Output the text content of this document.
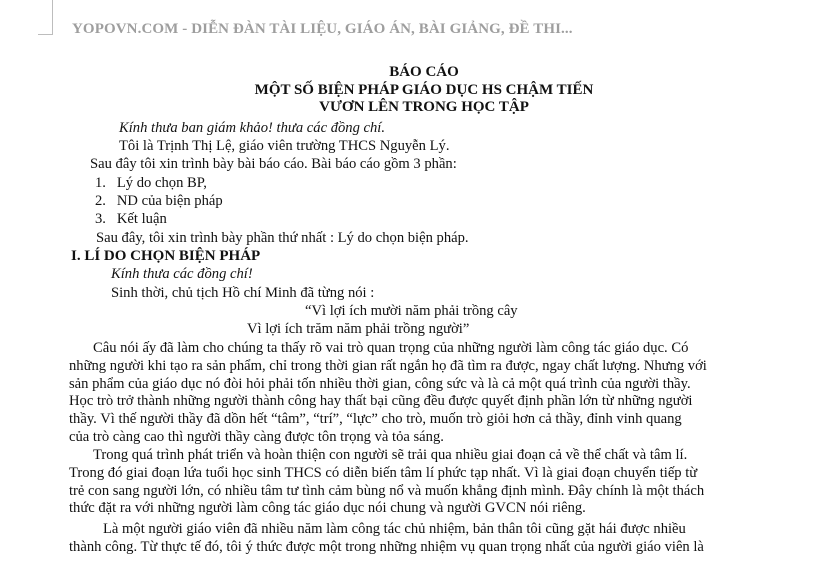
YOPOVN.COM - DIỄN ĐÀN TÀI LIỆU, GIÁO ÁN, BÀI GIẢNG, ĐỀ THI...
BÁO CÁO
MỘT SỐ BIỆN PHÁP GIÁO DỤC HS CHẬM TIẾN
VƯƠN LÊN TRONG HỌC TẬP
Kính thưa ban giám khảo! thưa các đồng chí.
Tôi là Trịnh Thị Lệ, giáo viên trường THCS Nguyễn Lý.
Sau đây tôi xin trình bày bài báo cáo. Bài báo cáo gồm 3 phần:
1.   Lý do chọn BP,
2.   ND của biện pháp
3.   Kết luận
Sau đây, tôi xin trình bày phần thứ nhất : Lý do chọn biện pháp.
I. LÍ DO CHỌN BIỆN PHÁP
Kính thưa các đồng chí!
Sinh thời, chủ tịch Hồ chí Minh đã từng nói :
“Vì lợi ích mười năm phải trồng cây
Vì lợi ích trăm năm phải trồng người”
Câu nói ấy đã làm cho chúng ta thấy rõ vai trò quan trọng của những người làm công tác giáo dục. Có
những người khi tạo ra sản phẩm, chỉ trong thời gian rất ngắn họ đã tìm ra được, ngay chất lượng. Nhưng với
sản phẩm của giáo dục nó đòi hỏi phải tốn nhiều thời gian, công sức và là cả một quá trình của người thầy.
Học trò trở thành những người thành công hay thất bại cũng đều được quyết định phần lớn từ những người
thầy. Vì thế người thầy đã dồn hết “tâm”, “trí”, “lực” cho trò, muốn trò giỏi hơn cả thầy, đỉnh vinh quang
của trò càng cao thì người thầy càng được tôn trọng và tỏa sáng.
Trong quá trình phát triển và hoàn thiện con người sẽ trải qua nhiều giai đoạn cả về thể chất và tâm lí.
Trong đó giai đoạn lứa tuổi học sinh THCS có diễn biến tâm lí phức tạp nhất. Vì là giai đoạn chuyển tiếp từ
trẻ con sang người lớn, có nhiều tâm tư tình cảm bùng nổ và muốn khẳng định mình. Đây chính là một thách
thức đặt ra với những người làm công tác giáo dục nói chung và người GVCN nói riêng.
Là một người giáo viên đã nhiều năm làm công tác chủ nhiệm, bản thân tôi cũng gặt hái được nhiều
thành công. Từ thực tế đó, tôi ý thức được một trong những nhiệm vụ quan trọng nhất của người giáo viên là
